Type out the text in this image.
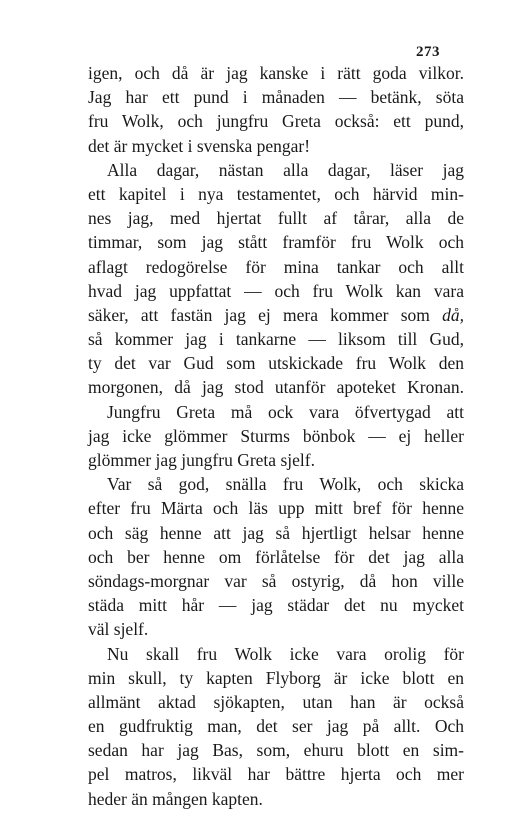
273
igen, och då är jag kanske i rätt goda vilkor.
Jag har ett pund i månaden — betänk, söta
fru Wolk, och jungfru Greta också: ett pund,
det är mycket i svenska pengar!
Alla dagar, nästan alla dagar, läser jag
ett kapitel i nya testamentet, och härvid min-
nes jag, med hjertat fullt af tårar, alla de
timmar, som jag stått framför fru Wolk och
aflagt redogörelse för mina tankar och allt
hvad jag uppfattat — och fru Wolk kan vara
säker, att fastän jag ej mera kommer som då,
så kommer jag i tankarne — liksom till Gud,
ty det var Gud som utskickade fru Wolk den
morgonen, då jag stod utanför apoteket Kronan.
Jungfru Greta må ock vara öfvertygad att
jag icke glömmer Sturms bönbok — ej heller
glömmer jag jungfru Greta sjelf.
Var så god, snälla fru Wolk, och skicka
efter fru Märta och läs upp mitt bref för henne
och säg henne att jag så hjertligt helsar henne
och ber henne om förlåtelse för det jag alla
söndags-morgnar var så ostyrig, då hon ville
städa mitt hår — jag städar det nu mycket
väl sjelf.
Nu skall fru Wolk icke vara orolig för
min skull, ty kapten Flyborg är icke blott en
allmänt aktad sjökapten, utan han är också
en gudfruktig man, det ser jag på allt. Och
sedan har jag Bas, som, ehuru blott en sim-
pel matros, likväl har bättre hjerta och mer
heder än mången kapten.
